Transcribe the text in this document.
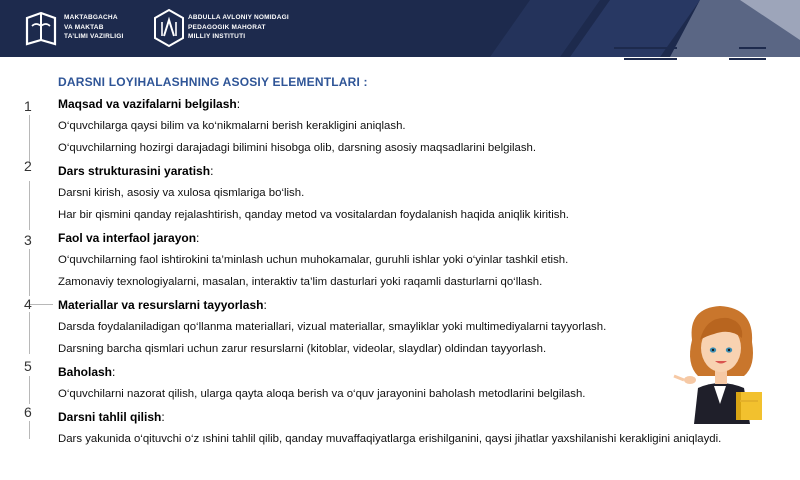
MAKTABGACHA
VA MAKTAB
TA’LIMI VAZIRLIGI
ABDULLA AVLONIY NOMIDAGI
PEDAGOGIK MAHORAT
MILLIY INSTITUTI
DARSNI LOYIHALASHNING ASOSIY ELEMENTLARI :
1
2
3
4
5
6
Maqsad va vazifalarni belgilash:
O‘quvchilarga qaysi bilim va ko‘nikmalarni berish kerakligini aniqlash.
O‘quvchilarning hozirgi darajadagi bilimini hisobga olib, darsning asosiy maqsadlarini belgilash.
Dars strukturasini yaratish:
Darsni kirish, asosiy va xulosa qismlariga bo‘lish.
Har bir qismini qanday rejalashtirish, qanday metod va vositalardan foydalanish haqida aniqlik kiritish.
Faol va interfaol jarayon:
O‘quvchilarning faol ishtirokini ta’minlash uchun muhokamalar, guruhli ishlar yoki o‘yinlar tashkil etish.
Zamonaviy texnologiyalarni, masalan, interaktiv ta’lim dasturlari yoki raqamli dasturlarni qo‘llash.
Materiallar va resurslarni tayyorlash:
Darsda foydalaniladigan qo‘llanma materiallari, vizual materiallar, smayliklar yoki multimediyalarni tayyorlash.
Darsning barcha qismlari uchun zarur resurslarni (kitoblar, videolar, slaydlar) oldindan tayyorlash.
Baholash:
O‘quvchilarni nazorat qilish, ularga qayta aloqa berish va o‘quv jarayonini baholash metodlarini belgilash.
Darsni tahlil qilish:
Dars yakunida o‘qituvchi o‘z ıshini tahlil qilib, qanday muvaffaqiyatlarga erishilganini, qaysi jihatlar yaxshilanishi kerakligini aniqlaydi.
